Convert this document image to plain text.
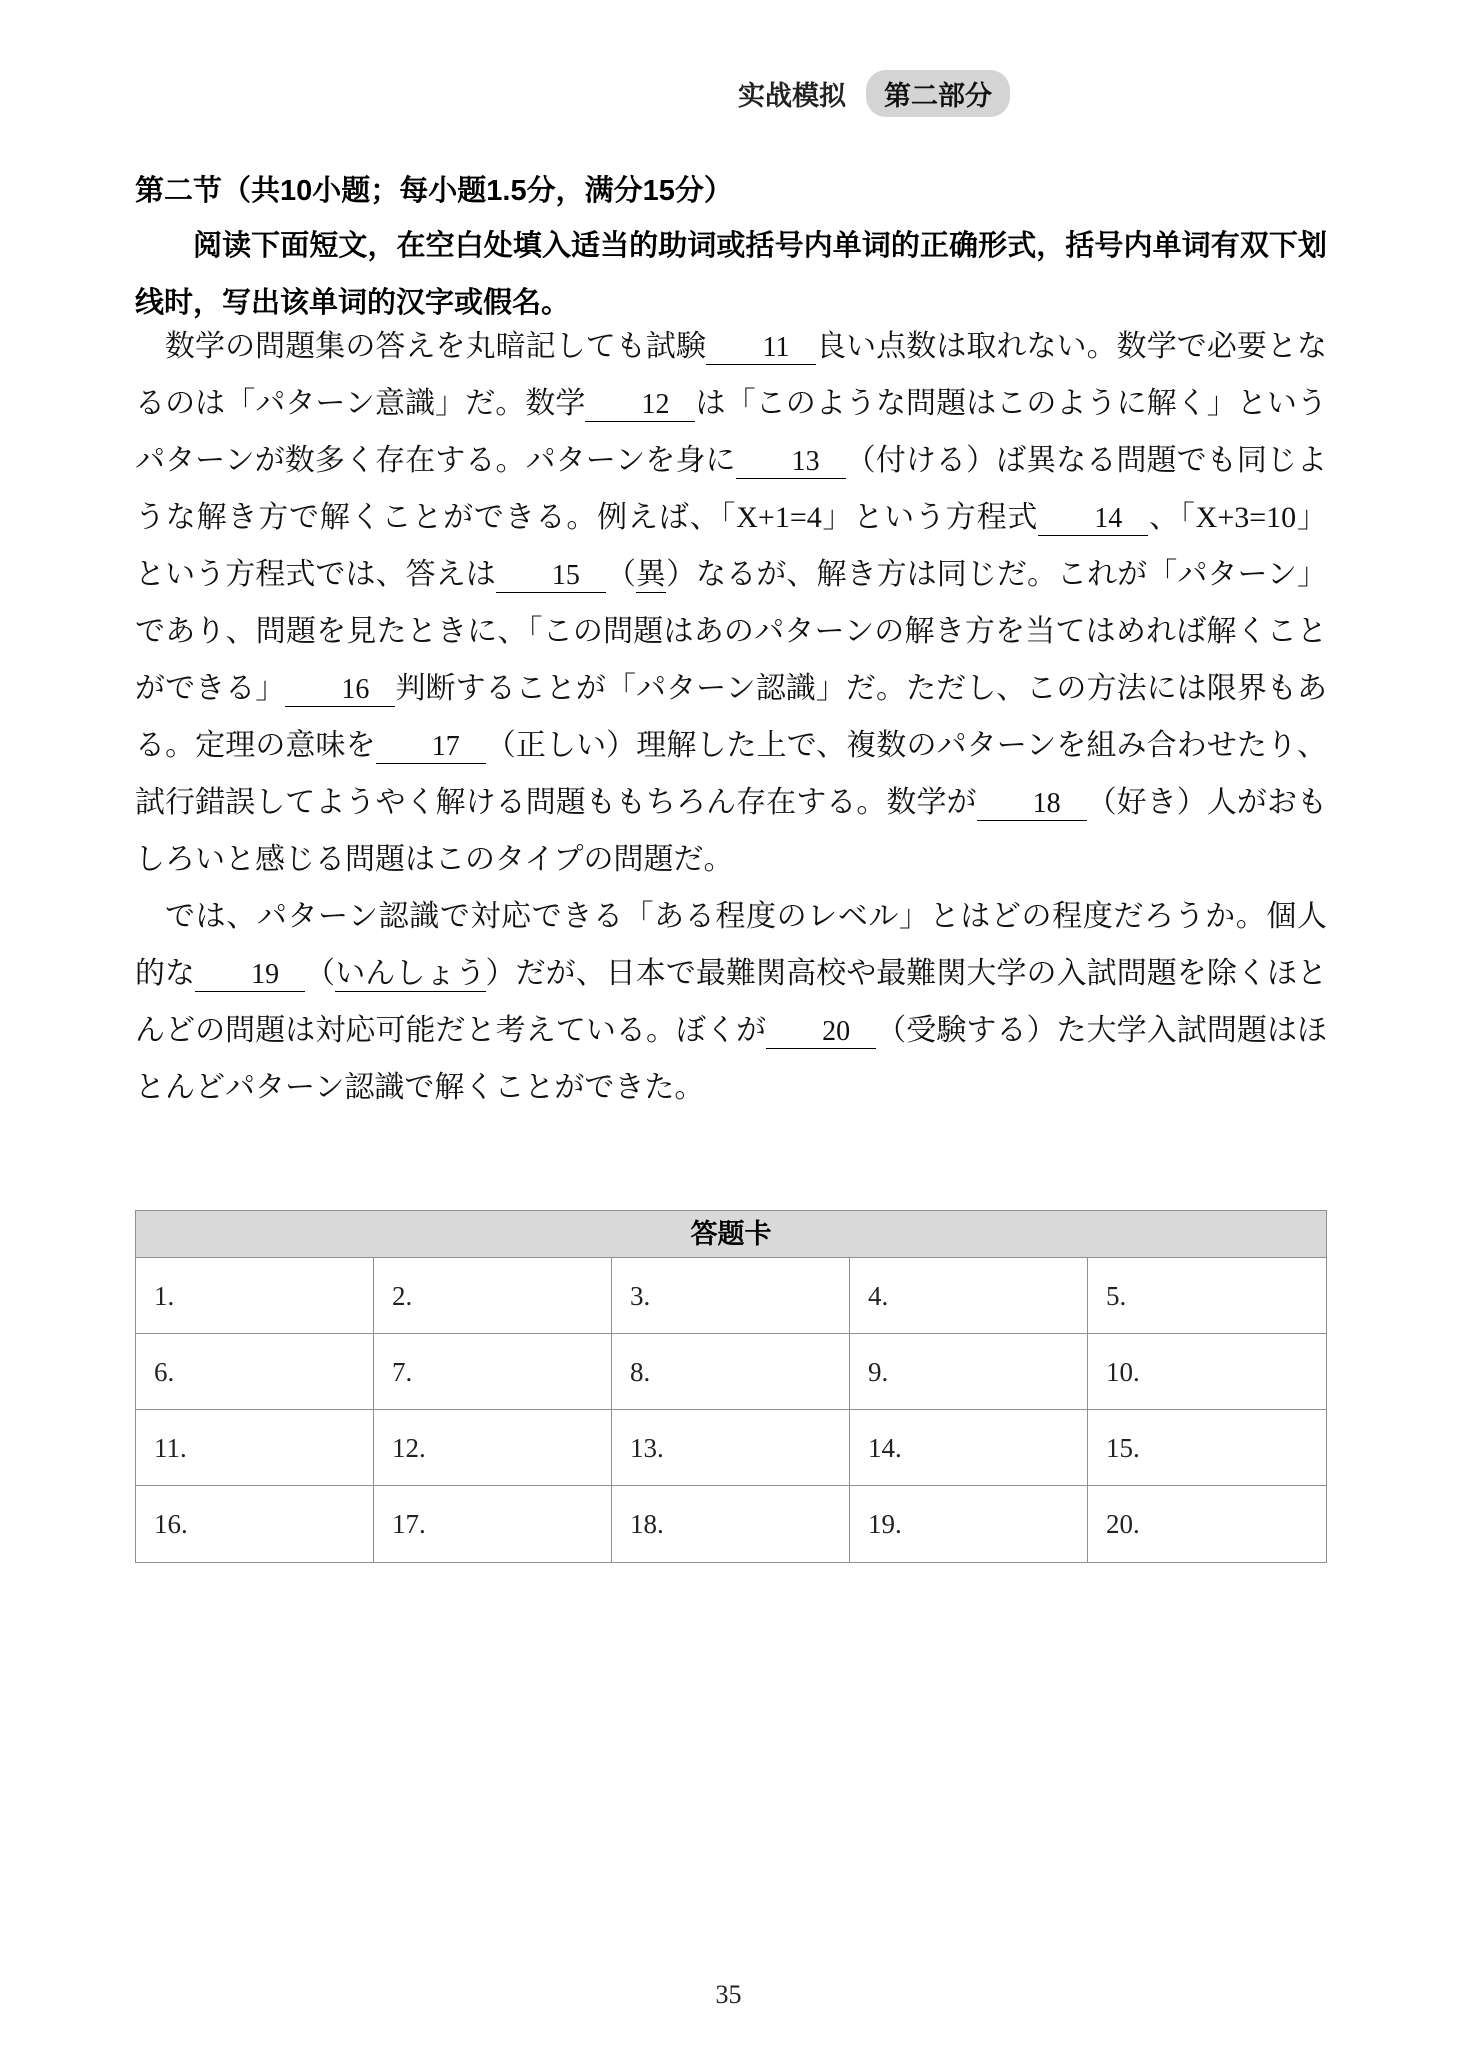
实战模拟 第二部分
第二节（共10小题；每小题1.5分，满分15分）

阅读下面短文，在空白处填入适当的助词或括号内单词的正确形式，括号内单词有双下划线时，写出该单词的汉字或假名。

数学の問題集の答えを丸暗記しても試験 11 良い点数は取れない。数学で必要となるのは「パターン意識」だ。数学 12 は「このような問題はこのように解く」というパターンが数多く存在する。パターンを身に 13 （付ける）ば異なる問題でも同じような解き方で解くことができる。例えば、「X+1=4」という方程式 14 、「X+3=10」という方程式では、答えは 15 （異）なるが、解き方は同じだ。これが「パターン」であり、問題を見たときに、「この問題はあのパターンの解き方を当てはめれば解くことができる」 16 判断することが「パターン認識」だ。ただし、この方法には限界もある。定理の意味を 17 （正しい）理解した上で、複数のパターンを組み合わせたり、試行錯誤してようやく解ける問題ももちろん存在する。数学が 18 （好き）人がおもしろいと感じる問題はこのタイプの問題だ。

では、パターン認識で対応できる「ある程度のレベル」とはどの程度だろうか。個人的な 19 （いんしょう）だが、日本で最難関高校や最難関大学の入試問題を除くほとんどの問題は対応可能だと考えている。ぼくが 20 （受験する）た大学入試問題はほとんどパターン認識で解くことができた。

答题卡
1.	2.	3.	4.	5.
6.	7.	8.	9.	10.
11.	12.	13.	14.	15.
16.	17.	18.	19.	20.
35
